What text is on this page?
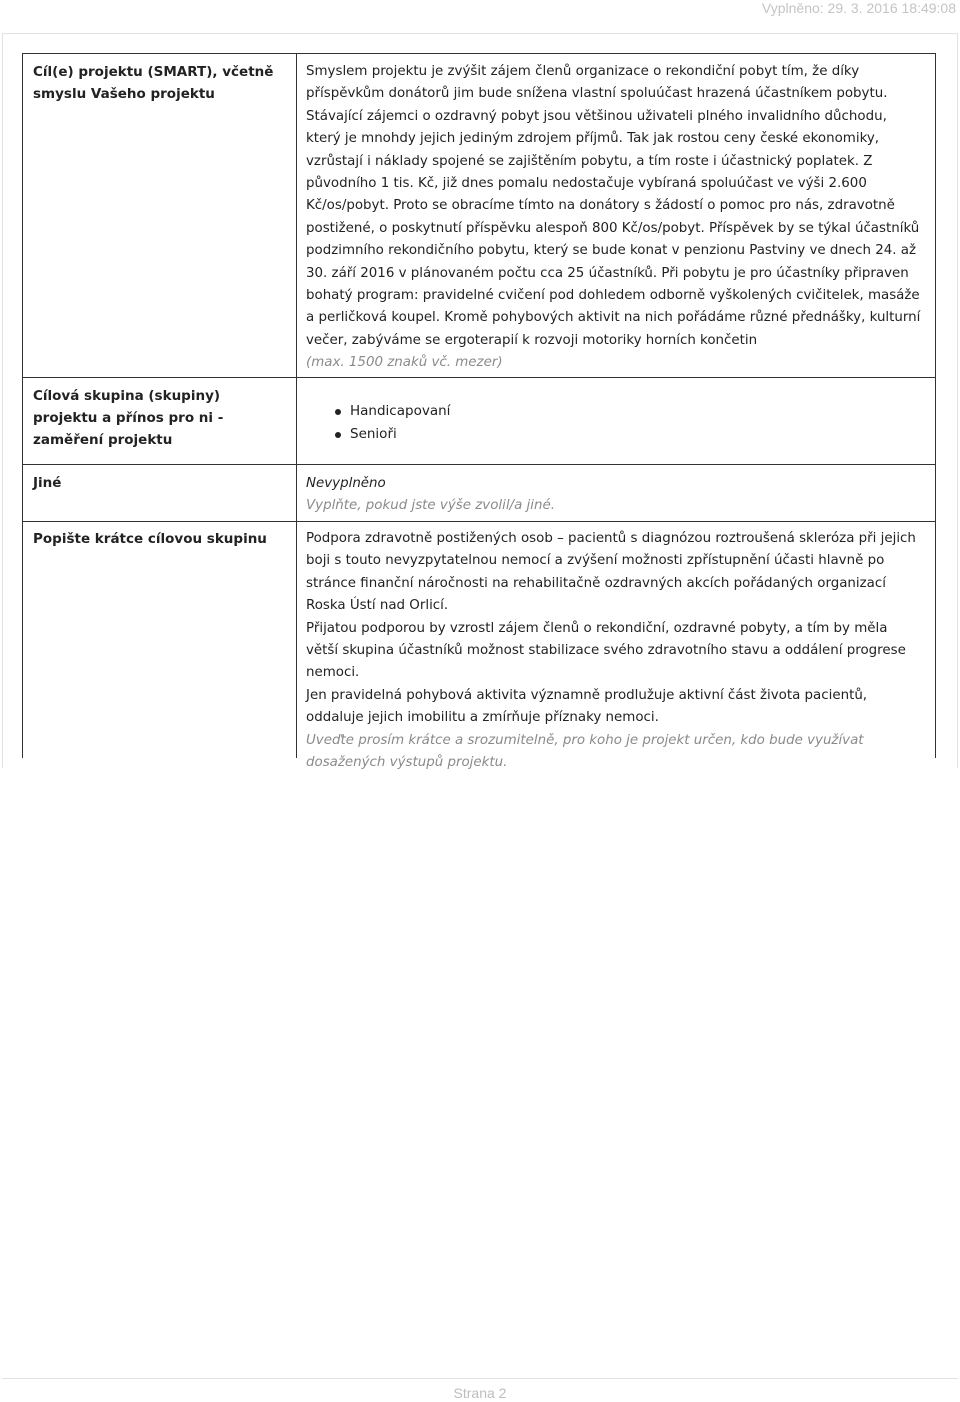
Vyplněno: 29. 3. 2016 18:49:08
Cíl(e) projektu (SMART), včetně smyslu Vašeho projektu

Smyslem projektu je zvýšit zájem členů organizace o rekondiční pobyt tím, že díky příspěvkům donátorů jim bude snížena vlastní spoluúčast hrazená účastníkem pobytu. Stávající zájemci o ozdravný pobyt jsou většinou uživateli plného invalidního důchodu, který je mnohdy jejich jediným zdrojem příjmů. Tak jak rostou ceny české ekonomiky, vzrůstají i náklady spojené se zajištěním pobytu, a tím roste i účastnický poplatek. Z původního 1 tis. Kč, již dnes pomalu nedostačuje vybíraná spoluúčast ve výši 2.600 Kč/os/pobyt. Proto se obracíme tímto na donátory s žádostí o pomoc pro nás, zdravotně postižené, o poskytnutí příspěvku alespoň 800 Kč/os/pobyt. Příspěvek by se týkal účastníků podzimního rekondičního pobytu, který se bude konat v penzionu Pastviny ve dnech 24. až 30. září 2016 v plánovaném počtu cca 25 účastníků. Při pobytu je pro účastníky připraven bohatý program: pravidelné cvičení pod dohledem odborně vyškolených cvičitelek, masáže a perličková koupel. Kromě pohybových aktivit na nich pořádáme různé přednášky, kulturní večer, zabýváme se ergoterapií k rozvoji motoriky horních končetin

(max. 1500 znaků vč. mezer)

Cílová skupina (skupiny) projektu a přínos pro ni - zaměření projektu
Handicapovaní
Senioři
Jiné	Nevyplněno

Vyplňte, pokud jste výše zvolil/a jiné.

Popište krátce cílovou skupinu	Podpora zdravotně postižených osob – pacientů s diagnózou roztroušená skleróza při jejich boji s touto nevyzpytatelnou nemocí a zvýšení možnosti zpřístupnění účasti hlavně po stránce finanční náročnosti na rehabilitačně ozdravných akcích pořádaných organizací Roska Ústí nad Orlicí.

Přijatou podporou by vzrostl zájem členů o rekondiční, ozdravné pobyty, a tím by měla větší skupina účastníků možnost stabilizace svého zdravotního stavu a oddálení progrese nemoci.

Jen pravidelná pohybová aktivita významně prodlužuje aktivní část života pacientů, oddaluje jejich imobilitu a zmírňuje příznaky nemoci.

Uveďte prosím krátce a srozumitelně, pro koho je projekt určen, kdo bude využívat dosažených výstupů projektu.

Strana 2
